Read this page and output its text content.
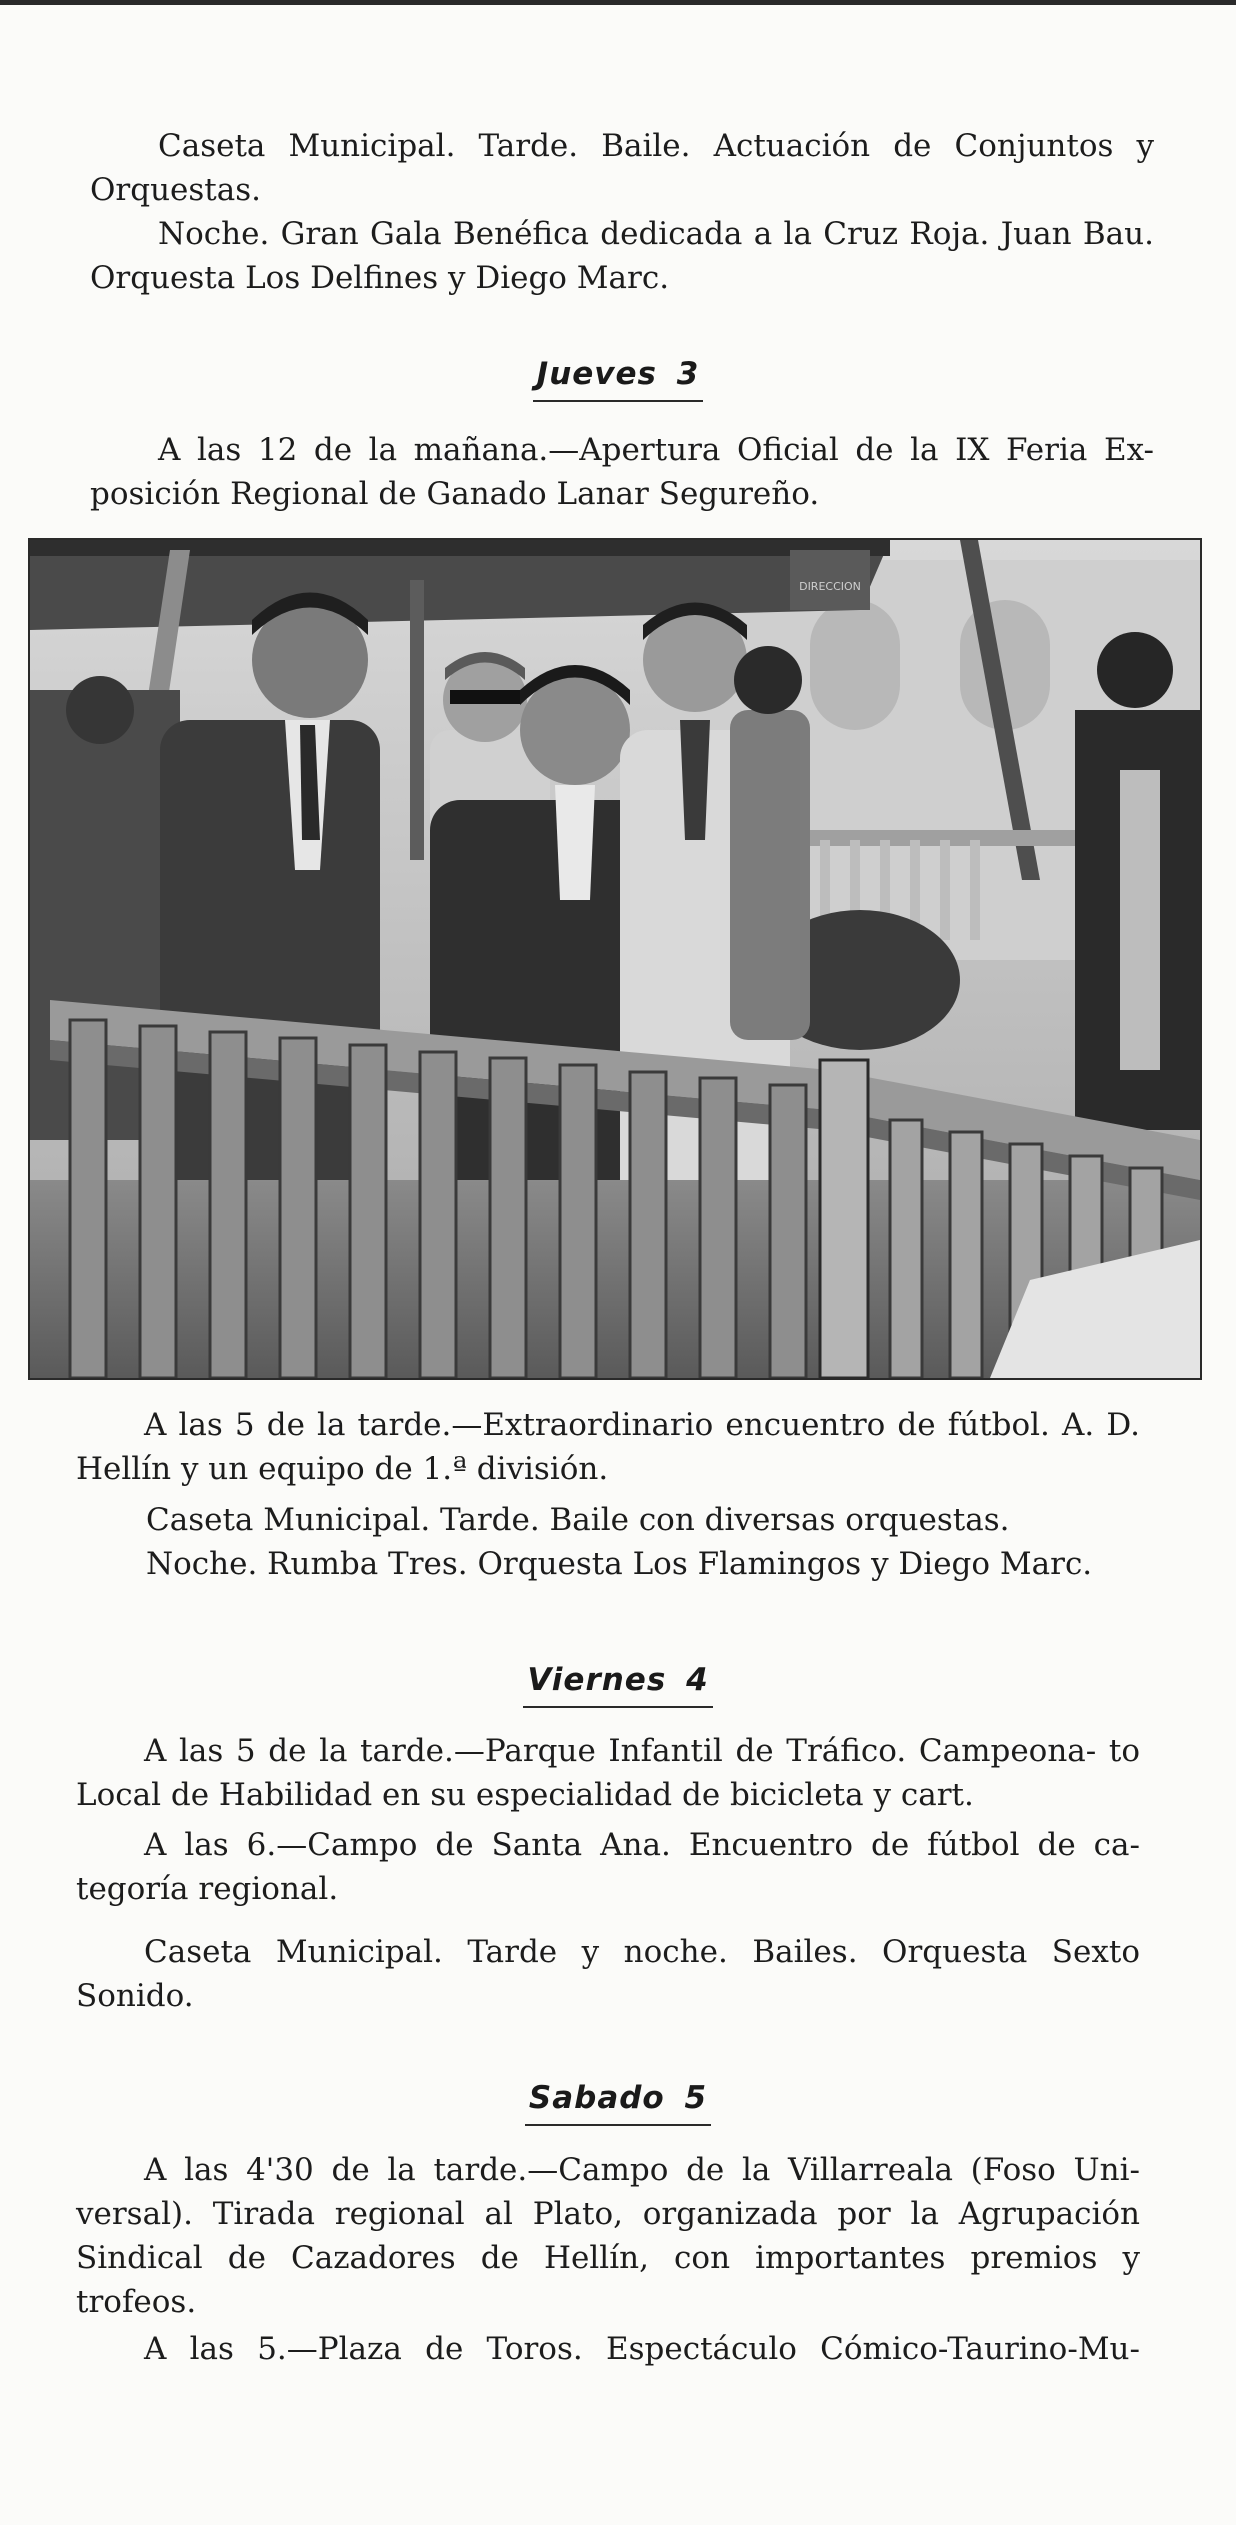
Caseta Municipal. Tarde. Baile. Actuación de Conjuntos y Orquestas.

Noche. Gran Gala Benéfica dedicada a la Cruz Roja. Juan Bau. Orquesta Los Delfines y Diego Marc.

Jueves 3

A las 12 de la mañana.—Apertura Oficial de la IX Feria Ex- posición Regional de Ganado Lanar Segureño.

DIRECCION

A las 5 de la tarde.—Extraordinario encuentro de fútbol. A. D. Hellín y un equipo de 1.ª división.

Caseta Municipal. Tarde. Baile con diversas orquestas.
Noche. Rumba Tres. Orquesta Los Flamingos y Diego Marc.
Viernes 4

A las 5 de la tarde.—Parque Infantil de Tráfico. Campeona- to Local de Habilidad en su especialidad de bicicleta y cart.

A las 6.—Campo de Santa Ana. Encuentro de fútbol de ca- tegoría regional.

Caseta Municipal. Tarde y noche. Bailes. Orquesta Sexto Sonido.

Sabado 5

A las 4'30 de la tarde.—Campo de la Villarreala (Foso Uni- versal). Tirada regional al Plato, organizada por la Agrupación Sindical de Cazadores de Hellín, con importantes premios y trofeos.

A las 5.—Plaza de Toros. Espectáculo Cómico-Taurino-Mu-
